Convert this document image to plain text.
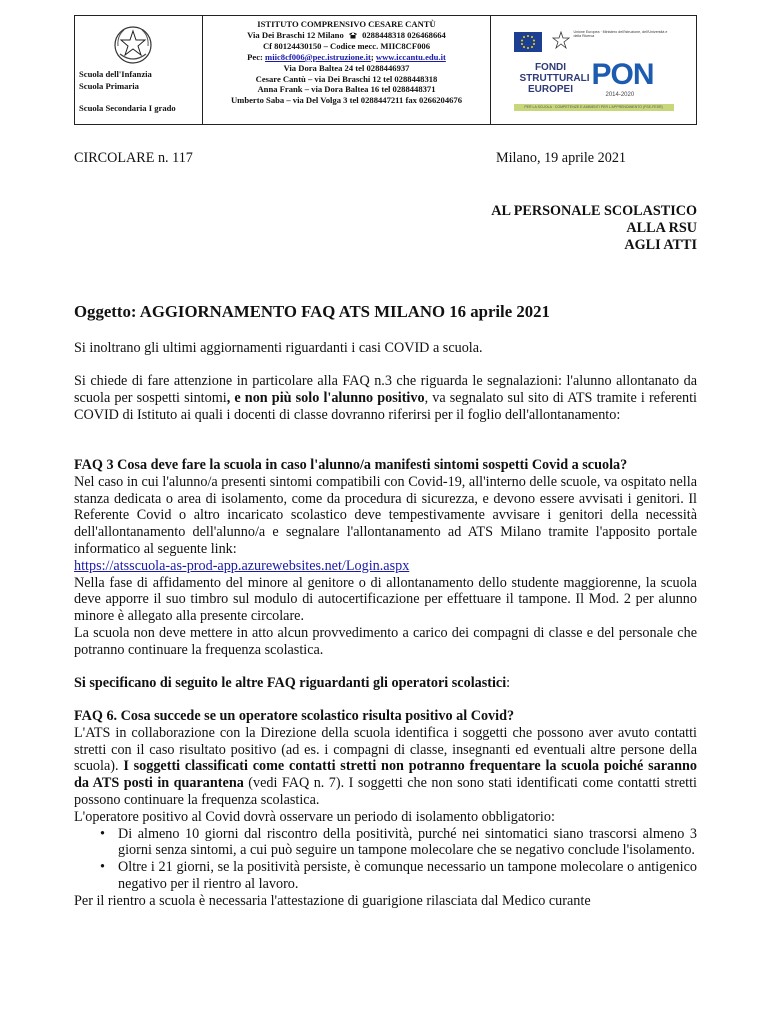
Scuola dell'Infanzia
Scuola Primaria
Scuola Secondaria I grado
ISTITUTO COMPRENSIVO CESARE CANTÙ
Via Dei Braschi 12 Milano 0288448318 026468664
Cf 80124430150 – Codice mecc. MIIC8CF006
Pec: miic8cf006@pec.istruzione.it; www.iccantu.edu.it
Via Dora Baltea 24 tel 0288446937
Cesare Cantù – via Dei Braschi 12 tel 0288448318
Anna Frank – via Dora Baltea 16 tel 0288448371
Umberto Saba – via Del Volga 3 tel 0288447211 fax 0266204676
Unione Europea · Ministero dell'Istruzione, dell'Università e della Ricerca
FONDI STRUTTURALI EUROPEI PON
2014-2020
PER LA SCUOLA · COMPETENZE E AMBIENTI PER L'APPRENDIMENTO (FSE-FESR)
CIRCOLARE n. 117	Milano, 19 aprile 2021
AL PERSONALE SCOLASTICO
ALLA RSU
AGLI ATTI
Oggetto: AGGIORNAMENTO FAQ ATS MILANO 16 aprile 2021
Si inoltrano gli ultimi aggiornamenti riguardanti i casi COVID a scuola.
Si chiede di fare attenzione in particolare alla FAQ n.3 che riguarda le segnalazioni: l'alunno allontanato da scuola per sospetti sintomi, e non più solo l'alunno positivo, va segnalato sul sito di ATS tramite i referenti COVID di Istituto ai quali i docenti di classe dovranno riferirsi per il foglio dell'allontanamento:
FAQ 3 Cosa deve fare la scuola in caso l'alunno/a manifesti sintomi sospetti Covid a scuola?
Nel caso in cui l'alunno/a presenti sintomi compatibili con Covid-19, all'interno delle scuole, va ospitato nella stanza dedicata o area di isolamento, come da procedura di sicurezza, e devono essere avvisati i genitori. Il Referente Covid o altro incaricato scolastico deve tempestivamente avvisare i genitori della necessità dell'allontanamento dell'alunno/a e segnalare l'allontanamento ad ATS Milano tramite l'apposito portale informatico al seguente link:
https://atsscuola-as-prod-app.azurewebsites.net/Login.aspx
Nella fase di affidamento del minore al genitore o di allontanamento dello studente maggiorenne, la scuola deve apporre il suo timbro sul modulo di autocertificazione per effettuare il tampone. Il Mod. 2 per alunno minore è allegato alla presente circolare.
La scuola non deve mettere in atto alcun provvedimento a carico dei compagni di classe e del personale che potranno continuare la frequenza scolastica.
Si specificano di seguito le altre FAQ riguardanti gli operatori scolastici:
FAQ 6. Cosa succede se un operatore scolastico risulta positivo al Covid?
L'ATS in collaborazione con la Direzione della scuola identifica i soggetti che possono aver avuto contatti stretti con il caso risultato positivo (ad es. i compagni di classe, insegnanti ed eventuali altre persone della scuola). I soggetti classificati come contatti stretti non potranno frequentare la scuola poiché saranno da ATS posti in quarantena (vedi FAQ n. 7). I soggetti che non sono stati identificati come contatti stretti possono continuare la frequenza scolastica.
L'operatore positivo al Covid dovrà osservare un periodo di isolamento obbligatorio:
• Di almeno 10 giorni dal riscontro della positività, purché nei sintomatici siano trascorsi almeno 3 giorni senza sintomi, a cui può seguire un tampone molecolare che se negativo conclude l'isolamento.
• Oltre i 21 giorni, se la positività persiste, è comunque necessario un tampone molecolare o antigenico negativo per il rientro al lavoro.
Per il rientro a scuola è necessaria l'attestazione di guarigione rilasciata dal Medico curante
